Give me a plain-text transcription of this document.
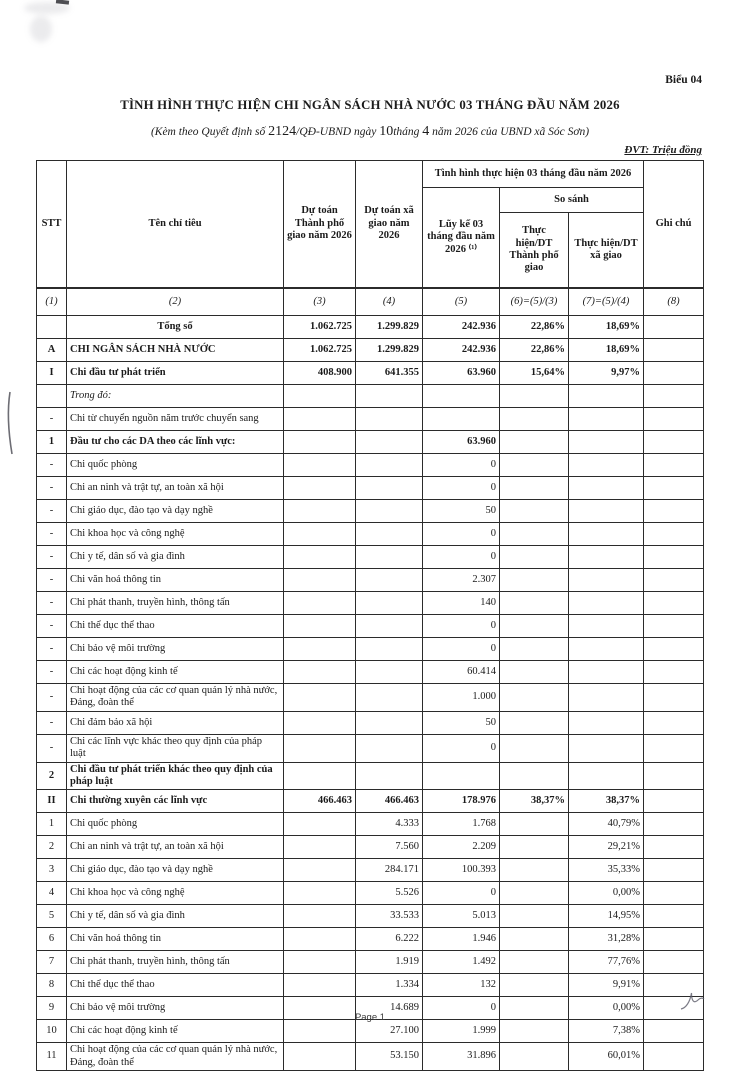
Biểu 04
TÌNH HÌNH THỰC HIỆN CHI NGÂN SÁCH NHÀ NƯỚC 03 THÁNG ĐẦU NĂM 2026
(Kèm theo Quyết định số 2124/QĐ-UBND ngày 10tháng 4 năm 2026 của UBND xã Sóc Sơn)
ĐVT: Triệu đồng
STT	Tên chỉ tiêu	Dự toán Thành phố giao năm 2026	Dự toán xã giao năm 2026	Tình hình thực hiện 03 tháng đầu năm 2026			Ghi chú
				Lũy kế 03 tháng đầu năm 2026 ⁽¹⁾	So sánh		
					Thực hiện/DT Thành phố giao	Thực hiện/DT xã giao	
(1)	(2)	(3)	(4)	(5)	(6)=(5)/(3)	(7)=(5)/(4)	(8)
	Tổng số	1.062.725	1.299.829	242.936	22,86%	18,69%	
A	CHI NGÂN SÁCH NHÀ NƯỚC	1.062.725	1.299.829	242.936	22,86%	18,69%	
I	Chi đầu tư phát triển	408.900	641.355	63.960	15,64%	9,97%	
	Trong đó:						
-	Chi từ chuyển nguồn năm trước chuyển sang						
1	Đầu tư cho các DA theo các lĩnh vực:			63.960			
-	Chi quốc phòng			0			
-	Chi an ninh và trật tự, an toàn xã hội			0			
-	Chi giáo dục, đào tạo và dạy nghề			50			
-	Chi khoa học và công nghệ			0			
-	Chi y tế, dân số và gia đình			0			
-	Chi văn hoá thông tin			2.307			
-	Chi phát thanh, truyền hình, thông tấn			140			
-	Chi thể dục thể thao			0			
-	Chi bảo vệ môi trường			0			
-	Chi các hoạt động kinh tế			60.414			
-	Chi hoạt động của các cơ quan quản lý nhà nước, Đảng, đoàn thể			1.000			
-	Chi đảm bảo xã hội			50			
-	Chi các lĩnh vực khác theo quy định của pháp luật			0			
2	Chi đầu tư phát triển khác theo quy định của pháp luật						
II	Chi thường xuyên các lĩnh vực	466.463	466.463	178.976	38,37%	38,37%	
1	Chi quốc phòng		4.333	1.768		40,79%	
2	Chi an ninh và trật tự, an toàn xã hội		7.560	2.209		29,21%	
3	Chi giáo dục, đào tạo và dạy nghề		284.171	100.393		35,33%	
4	Chi khoa học và công nghệ		5.526	0		0,00%	
5	Chi y tế, dân số và gia đình		33.533	5.013		14,95%	
6	Chi văn hoá thông tin		6.222	1.946		31,28%	
7	Chi phát thanh, truyền hình, thông tấn		1.919	1.492		77,76%	
8	Chi thể dục thể thao		1.334	132		9,91%	
9	Chi bảo vệ môi trường		14.689	0		0,00%	
10	Chi các hoạt động kinh tế		27.100	1.999		7,38%	
11	Chi hoạt động của các cơ quan quản lý nhà nước, Đảng, đoàn thể		53.150	31.896		60,01%	
Page 1
